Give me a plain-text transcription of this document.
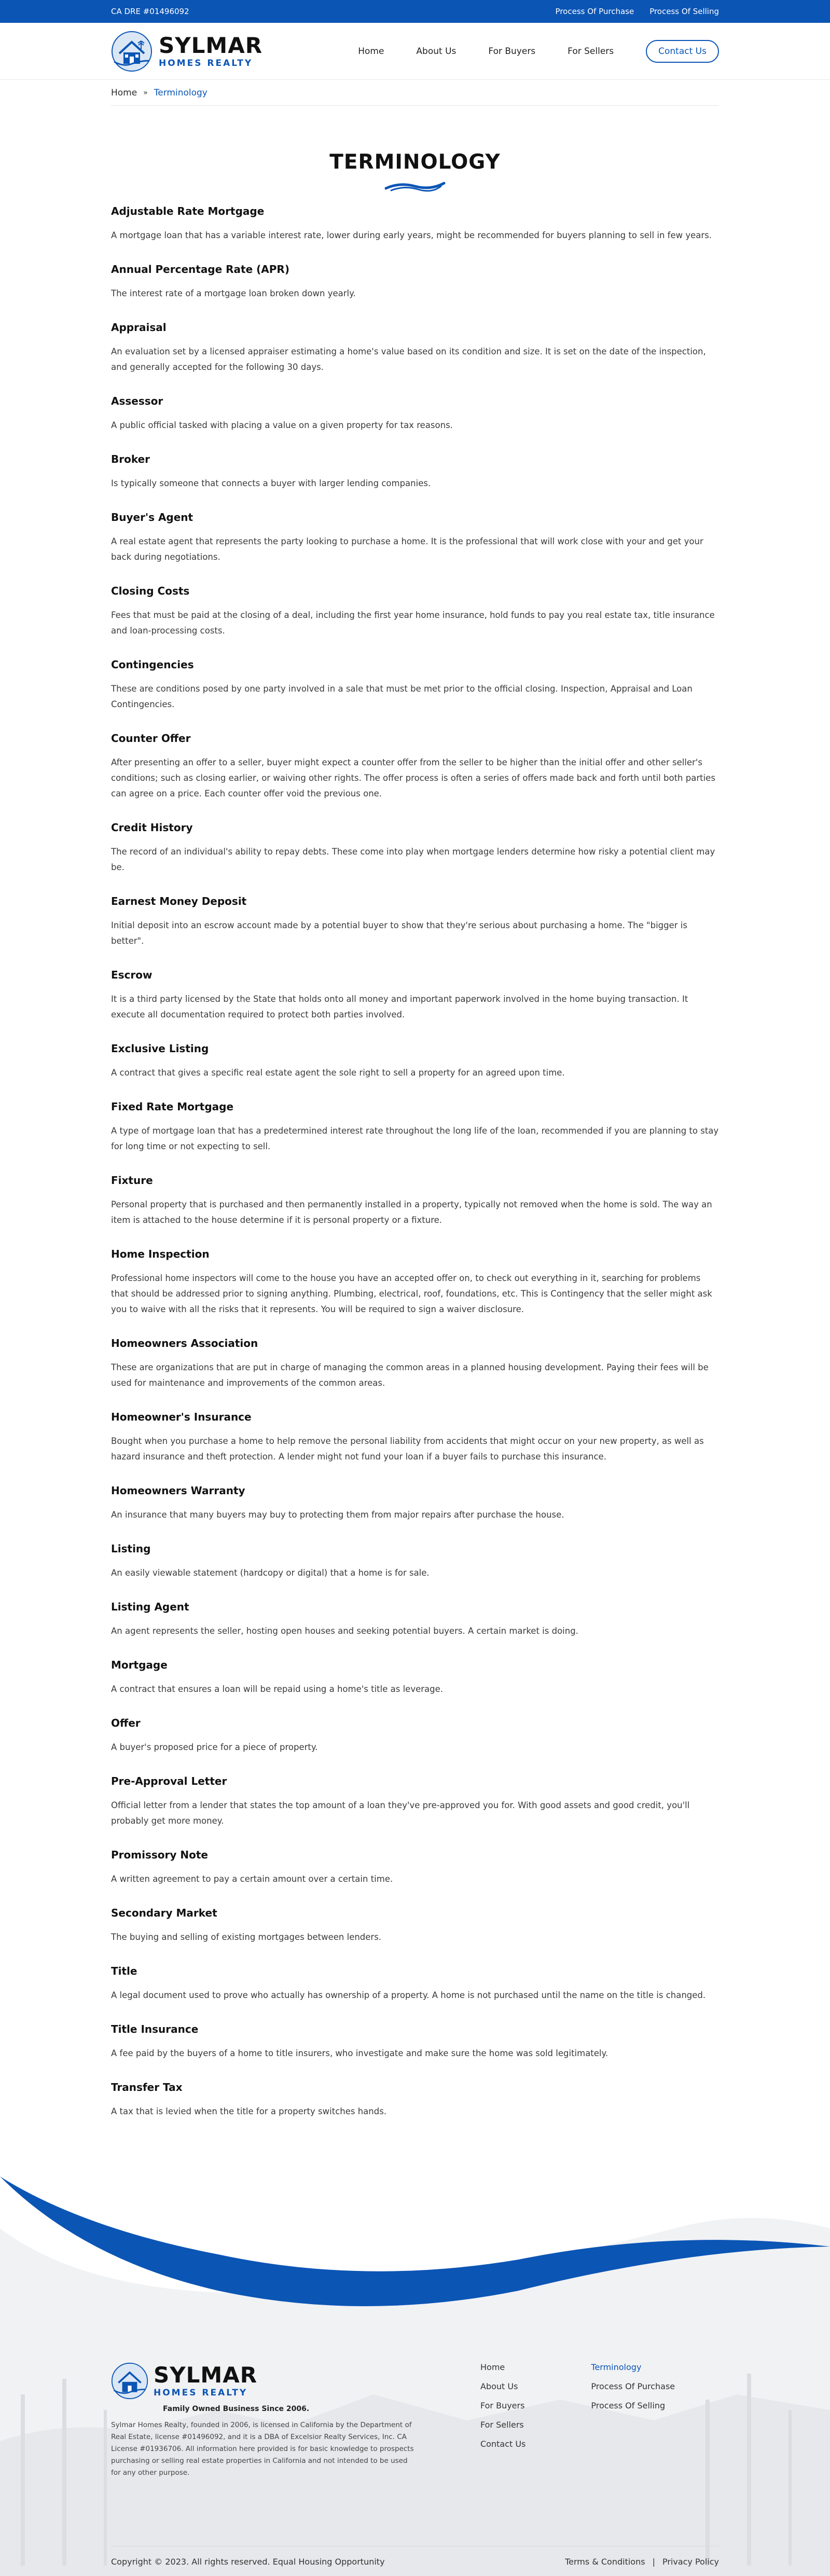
CA DRE #01496092	Process Of Purchase Process Of Selling
SYLMAR
HOMES REALTY
Home	About Us	For Buyers	For Sellers	Contact Us
Home » Terminology
TERMINOLOGY
Adjustable Rate Mortgage

A mortgage loan that has a variable interest rate, lower during early years, might be recommended for buyers planning to sell in few years.

Annual Percentage Rate (APR)

The interest rate of a mortgage loan broken down yearly.

Appraisal

An evaluation set by a licensed appraiser estimating a home's value based on its condition and size. It is set on the date of the inspection, and generally accepted for the following 30 days.

Assessor

A public official tasked with placing a value on a given property for tax reasons.

Broker

Is typically someone that connects a buyer with larger lending companies.

Buyer's Agent

A real estate agent that represents the party looking to purchase a home. It is the professional that will work close with your and get your back during negotiations.

Closing Costs

Fees that must be paid at the closing of a deal, including the first year home insurance, hold funds to pay you real estate tax, title insurance and loan-processing costs.

Contingencies

These are conditions posed by one party involved in a sale that must be met prior to the official closing. Inspection, Appraisal and Loan Contingencies.

Counter Offer

After presenting an offer to a seller, buyer might expect a counter offer from the seller to be higher than the initial offer and other seller's conditions; such as closing earlier, or waiving other rights. The offer process is often a series of offers made back and forth until both parties can agree on a price. Each counter offer void the previous one.

Credit History

The record of an individual's ability to repay debts. These come into play when mortgage lenders determine how risky a potential client may be.

Earnest Money Deposit

Initial deposit into an escrow account made by a potential buyer to show that they're serious about purchasing a home. The "bigger is better".

Escrow

It is a third party licensed by the State that holds onto all money and important paperwork involved in the home buying transaction. It execute all documentation required to protect both parties involved.

Exclusive Listing

A contract that gives a specific real estate agent the sole right to sell a property for an agreed upon time.

Fixed Rate Mortgage

A type of mortgage loan that has a predetermined interest rate throughout the long life of the loan, recommended if you are planning to stay for long time or not expecting to sell.

Fixture

Personal property that is purchased and then permanently installed in a property, typically not removed when the home is sold. The way an item is attached to the house determine if it is personal property or a fixture.

Home Inspection

Professional home inspectors will come to the house you have an accepted offer on, to check out everything in it, searching for problems that should be addressed prior to signing anything. Plumbing, electrical, roof, foundations, etc. This is Contingency that the seller might ask you to waive with all the risks that it represents. You will be required to sign a waiver disclosure.

Homeowners Association

These are organizations that are put in charge of managing the common areas in a planned housing development. Paying their fees will be used for maintenance and improvements of the common areas.

Homeowner's Insurance

Bought when you purchase a home to help remove the personal liability from accidents that might occur on your new property, as well as hazard insurance and theft protection. A lender might not fund your loan if a buyer fails to purchase this insurance.

Homeowners Warranty

An insurance that many buyers may buy to protecting them from major repairs after purchase the house.

Listing

An easily viewable statement (hardcopy or digital) that a home is for sale.

Listing Agent

An agent represents the seller, hosting open houses and seeking potential buyers. A certain market is doing.

Mortgage

A contract that ensures a loan will be repaid using a home's title as leverage.

Offer

A buyer's proposed price for a piece of property.

Pre-Approval Letter

Official letter from a lender that states the top amount of a loan they've pre-approved you for. With good assets and good credit, you'll probably get more money.

Promissory Note

A written agreement to pay a certain amount over a certain time.

Secondary Market

The buying and selling of existing mortgages between lenders.

Title

A legal document used to prove who actually has ownership of a property. A home is not purchased until the name on the title is changed.

Title Insurance

A fee paid by the buyers of a home to title insurers, who investigate and make sure the home was sold legitimately.

Transfer Tax

A tax that is levied when the title for a property switches hands.

SYLMAR
HOMES REALTY
Family Owned Business Since 2006.
Sylmar Homes Realty, founded in 2006, is licensed in California by the Department of Real Estate, license #01496092, and it is a DBA of Excelsior Realty Services, Inc. CA License #01936706. All information here provided is for basic knowledge to prospects purchasing or selling real estate properties in California and not intended to be used for any other purpose.
Home
About Us
For Buyers
For Sellers
Contact Us
Terminology
Process Of Purchase
Process Of Selling
Copyright © 2023. All rights reserved. Equal Housing Opportunity	Terms & Conditions | Privacy Policy
